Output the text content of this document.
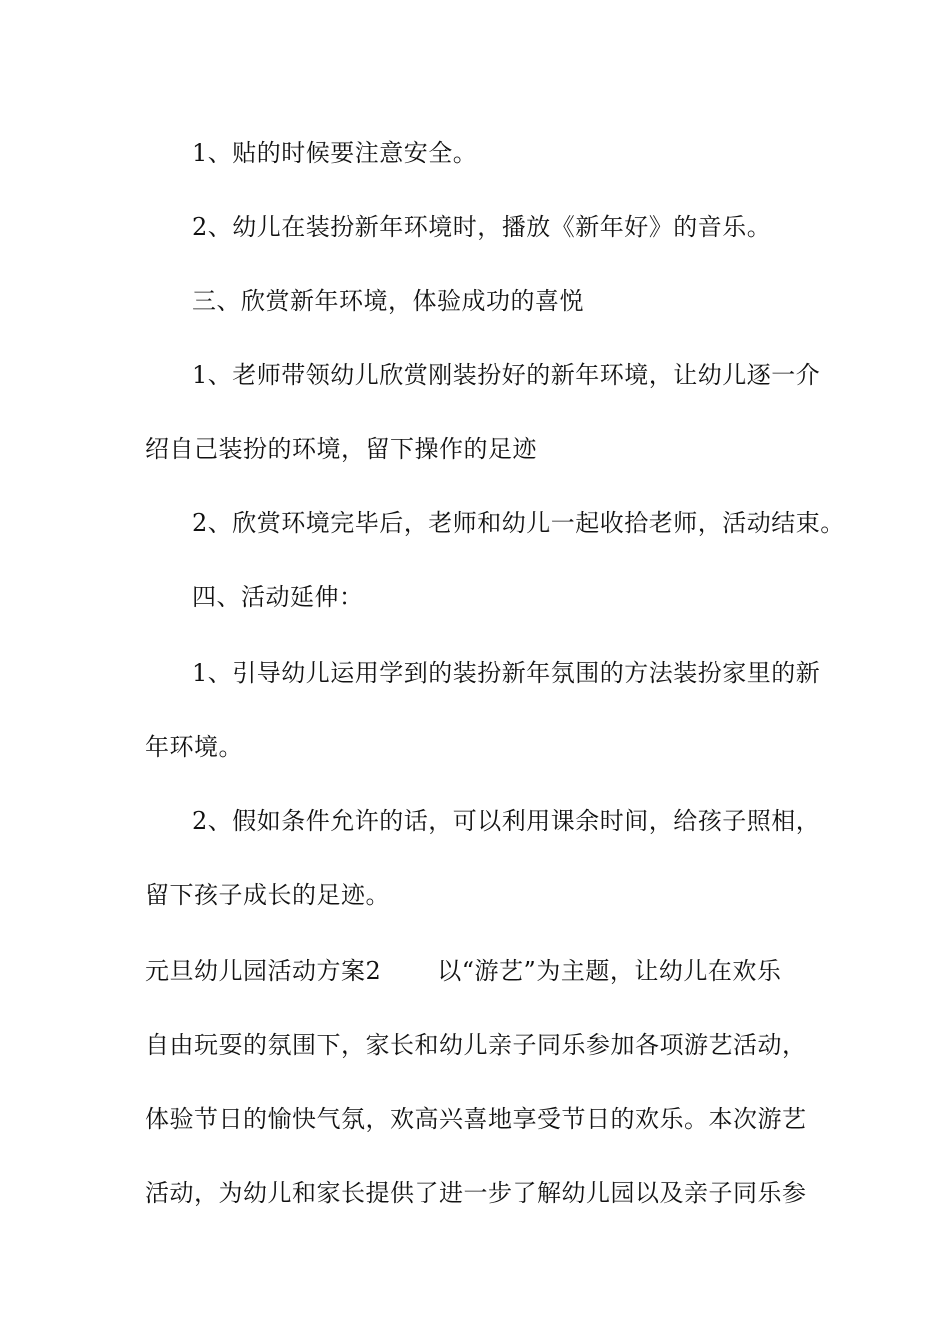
1、贴的时候要注意安全。
2、幼儿在装扮新年环境时，播放《新年好》的音乐。
三、欣赏新年环境，体验成功的喜悦
1、老师带领幼儿欣赏刚装扮好的新年环境，让幼儿逐一介
绍自己装扮的环境，留下操作的足迹
2、欣赏环境完毕后，老师和幼儿一起收拾老师，活动结束。
四、活动延伸：
1、引导幼儿运用学到的装扮新年氛围的方法装扮家里的新
年环境。
2、假如条件允许的话，可以利用课余时间，给孩子照相，
留下孩子成长的足迹。
元旦幼儿园活动方案2 以“游艺”为主题，让幼儿在欢乐
自由玩耍的氛围下，家长和幼儿亲子同乐参加各项游艺活动，
体验节日的愉快气氛，欢高兴喜地享受节日的欢乐。本次游艺
活动，为幼儿和家长提供了进一步了解幼儿园以及亲子同乐参
